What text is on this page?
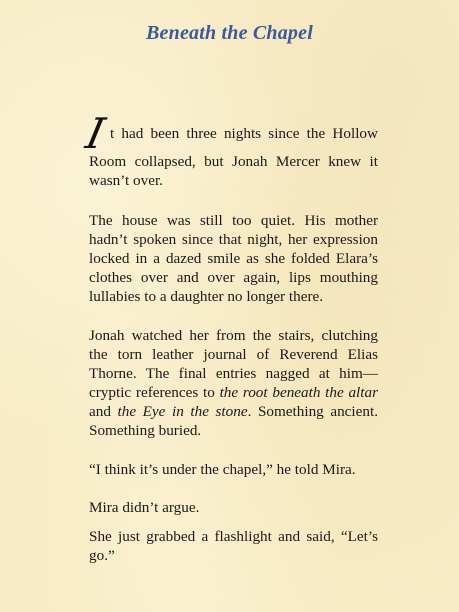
Beneath the Chapel
I t had been three nights since the Hollow
Room collapsed, but Jonah Mercer knew it wasn’t over.

The house was still too quiet. His mother hadn’t spoken since that night, her expression locked in a dazed smile as she folded Elara’s clothes over and over again, lips mouthing lullabies to a daughter no longer there.

Jonah watched her from the stairs, clutching the torn leather journal of Reverend Elias Thorne. The final entries nagged at him—cryptic references to the root beneath the altar and the Eye in the stone. Something ancient. Something buried.

“I think it’s under the chapel,” he told Mira.

Mira didn’t argue.

She just grabbed a flashlight and said, “Let’s go.”
